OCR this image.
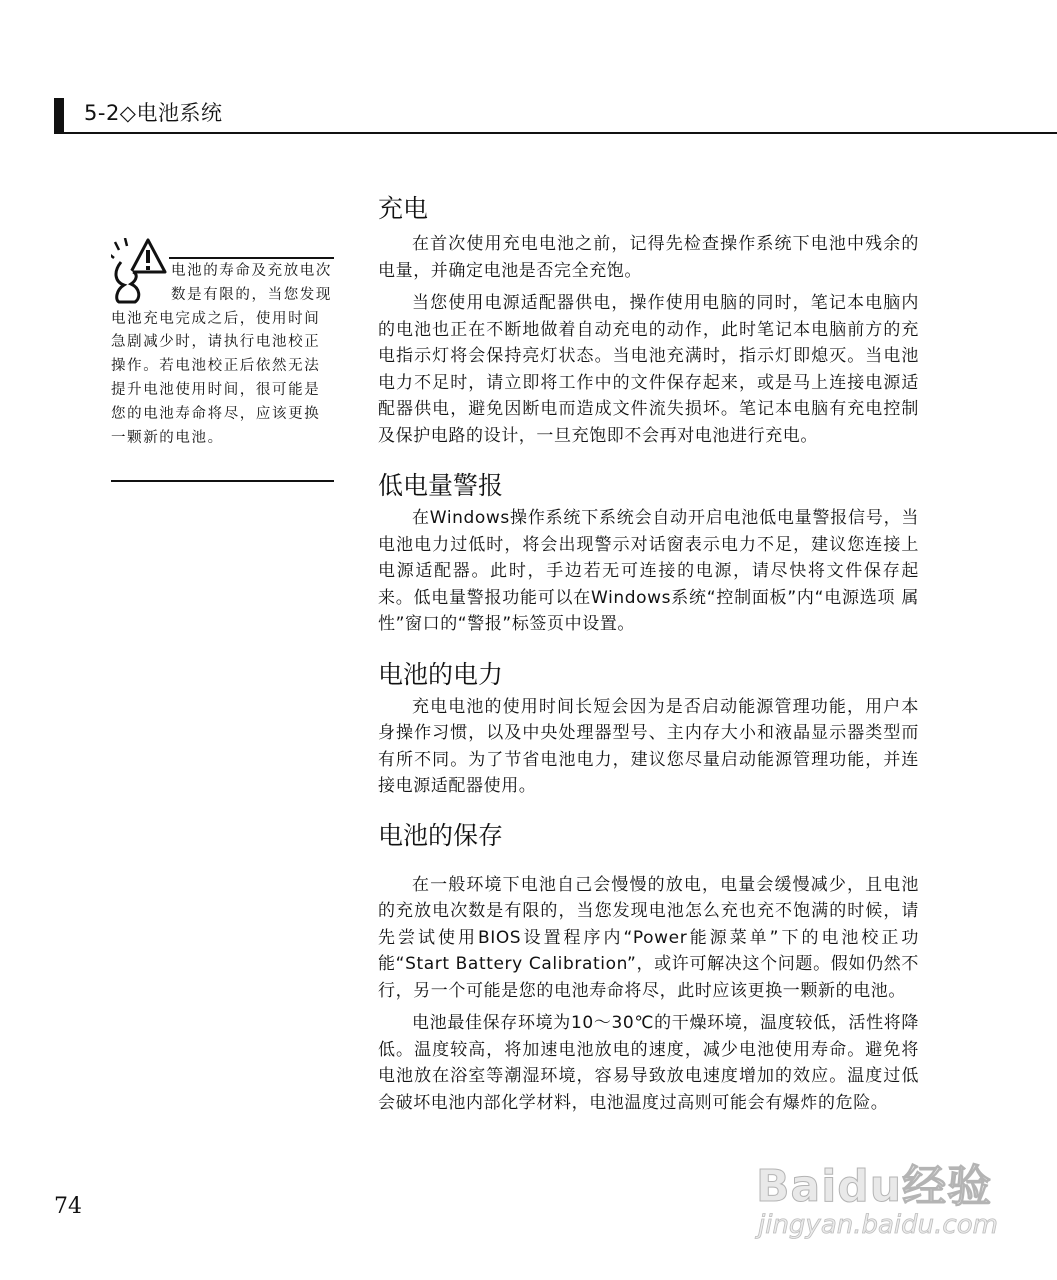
5-2◇电池系统
电池的寿命及充放电次数是有限的，当您发现电池充电完成之后，使用时间急剧减少时，请执行电池校正操作。若电池校正后依然无法提升电池使用时间，很可能是您的电池寿命将尽，应该更换一颗新的电池。
充电

在首次使用充电电池之前，记得先检查操作系统下电池中残余的电量，并确定电池是否完全充饱。

当您使用电源适配器供电，操作使用电脑的同时，笔记本电脑内的电池也正在不断地做着自动充电的动作，此时笔记本电脑前方的充电指示灯将会保持亮灯状态。当电池充满时，指示灯即熄灭。当电池电力不足时，请立即将工作中的文件保存起来，或是马上连接电源适配器供电，避免因断电而造成文件流失损坏。笔记本电脑有充电控制及保护电路的设计，一旦充饱即不会再对电池进行充电。

低电量警报

在Windows操作系统下系统会自动开启电池低电量警报信号，当电池电力过低时，将会出现警示对话窗表示电力不足，建议您连接上电源适配器。此时，手边若无可连接的电源，请尽快将文件保存起来。低电量警报功能可以在Windows系统“控制面板”内“电源选项 属性”窗口的“警报”标签页中设置。

电池的电力

充电电池的使用时间长短会因为是否启动能源管理功能，用户本身操作习惯，以及中央处理器型号、主内存大小和液晶显示器类型而有所不同。为了节省电池电力，建议您尽量启动能源管理功能，并连接电源适配器使用。

电池的保存

在一般环境下电池自己会慢慢的放电，电量会缓慢减少，且电池的充放电次数是有限的，当您发现电池怎么充也充不饱满的时候，请先尝试使用BIOS设置程序内“Power能源菜单”下的电池校正功能“Start Battery Calibration”，或许可解决这个问题。假如仍然不行，另一个可能是您的电池寿命将尽，此时应该更换一颗新的电池。

电池最佳保存环境为10～30℃的干燥环境，温度较低，活性将降低。温度较高，将加速电池放电的速度，减少电池使用寿命。避免将电池放在浴室等潮湿环境，容易导致放电速度增加的效应。温度过低会破坏电池内部化学材料，电池温度过高则可能会有爆炸的危险。

74	Baidu经验
jingyan.baidu.com
